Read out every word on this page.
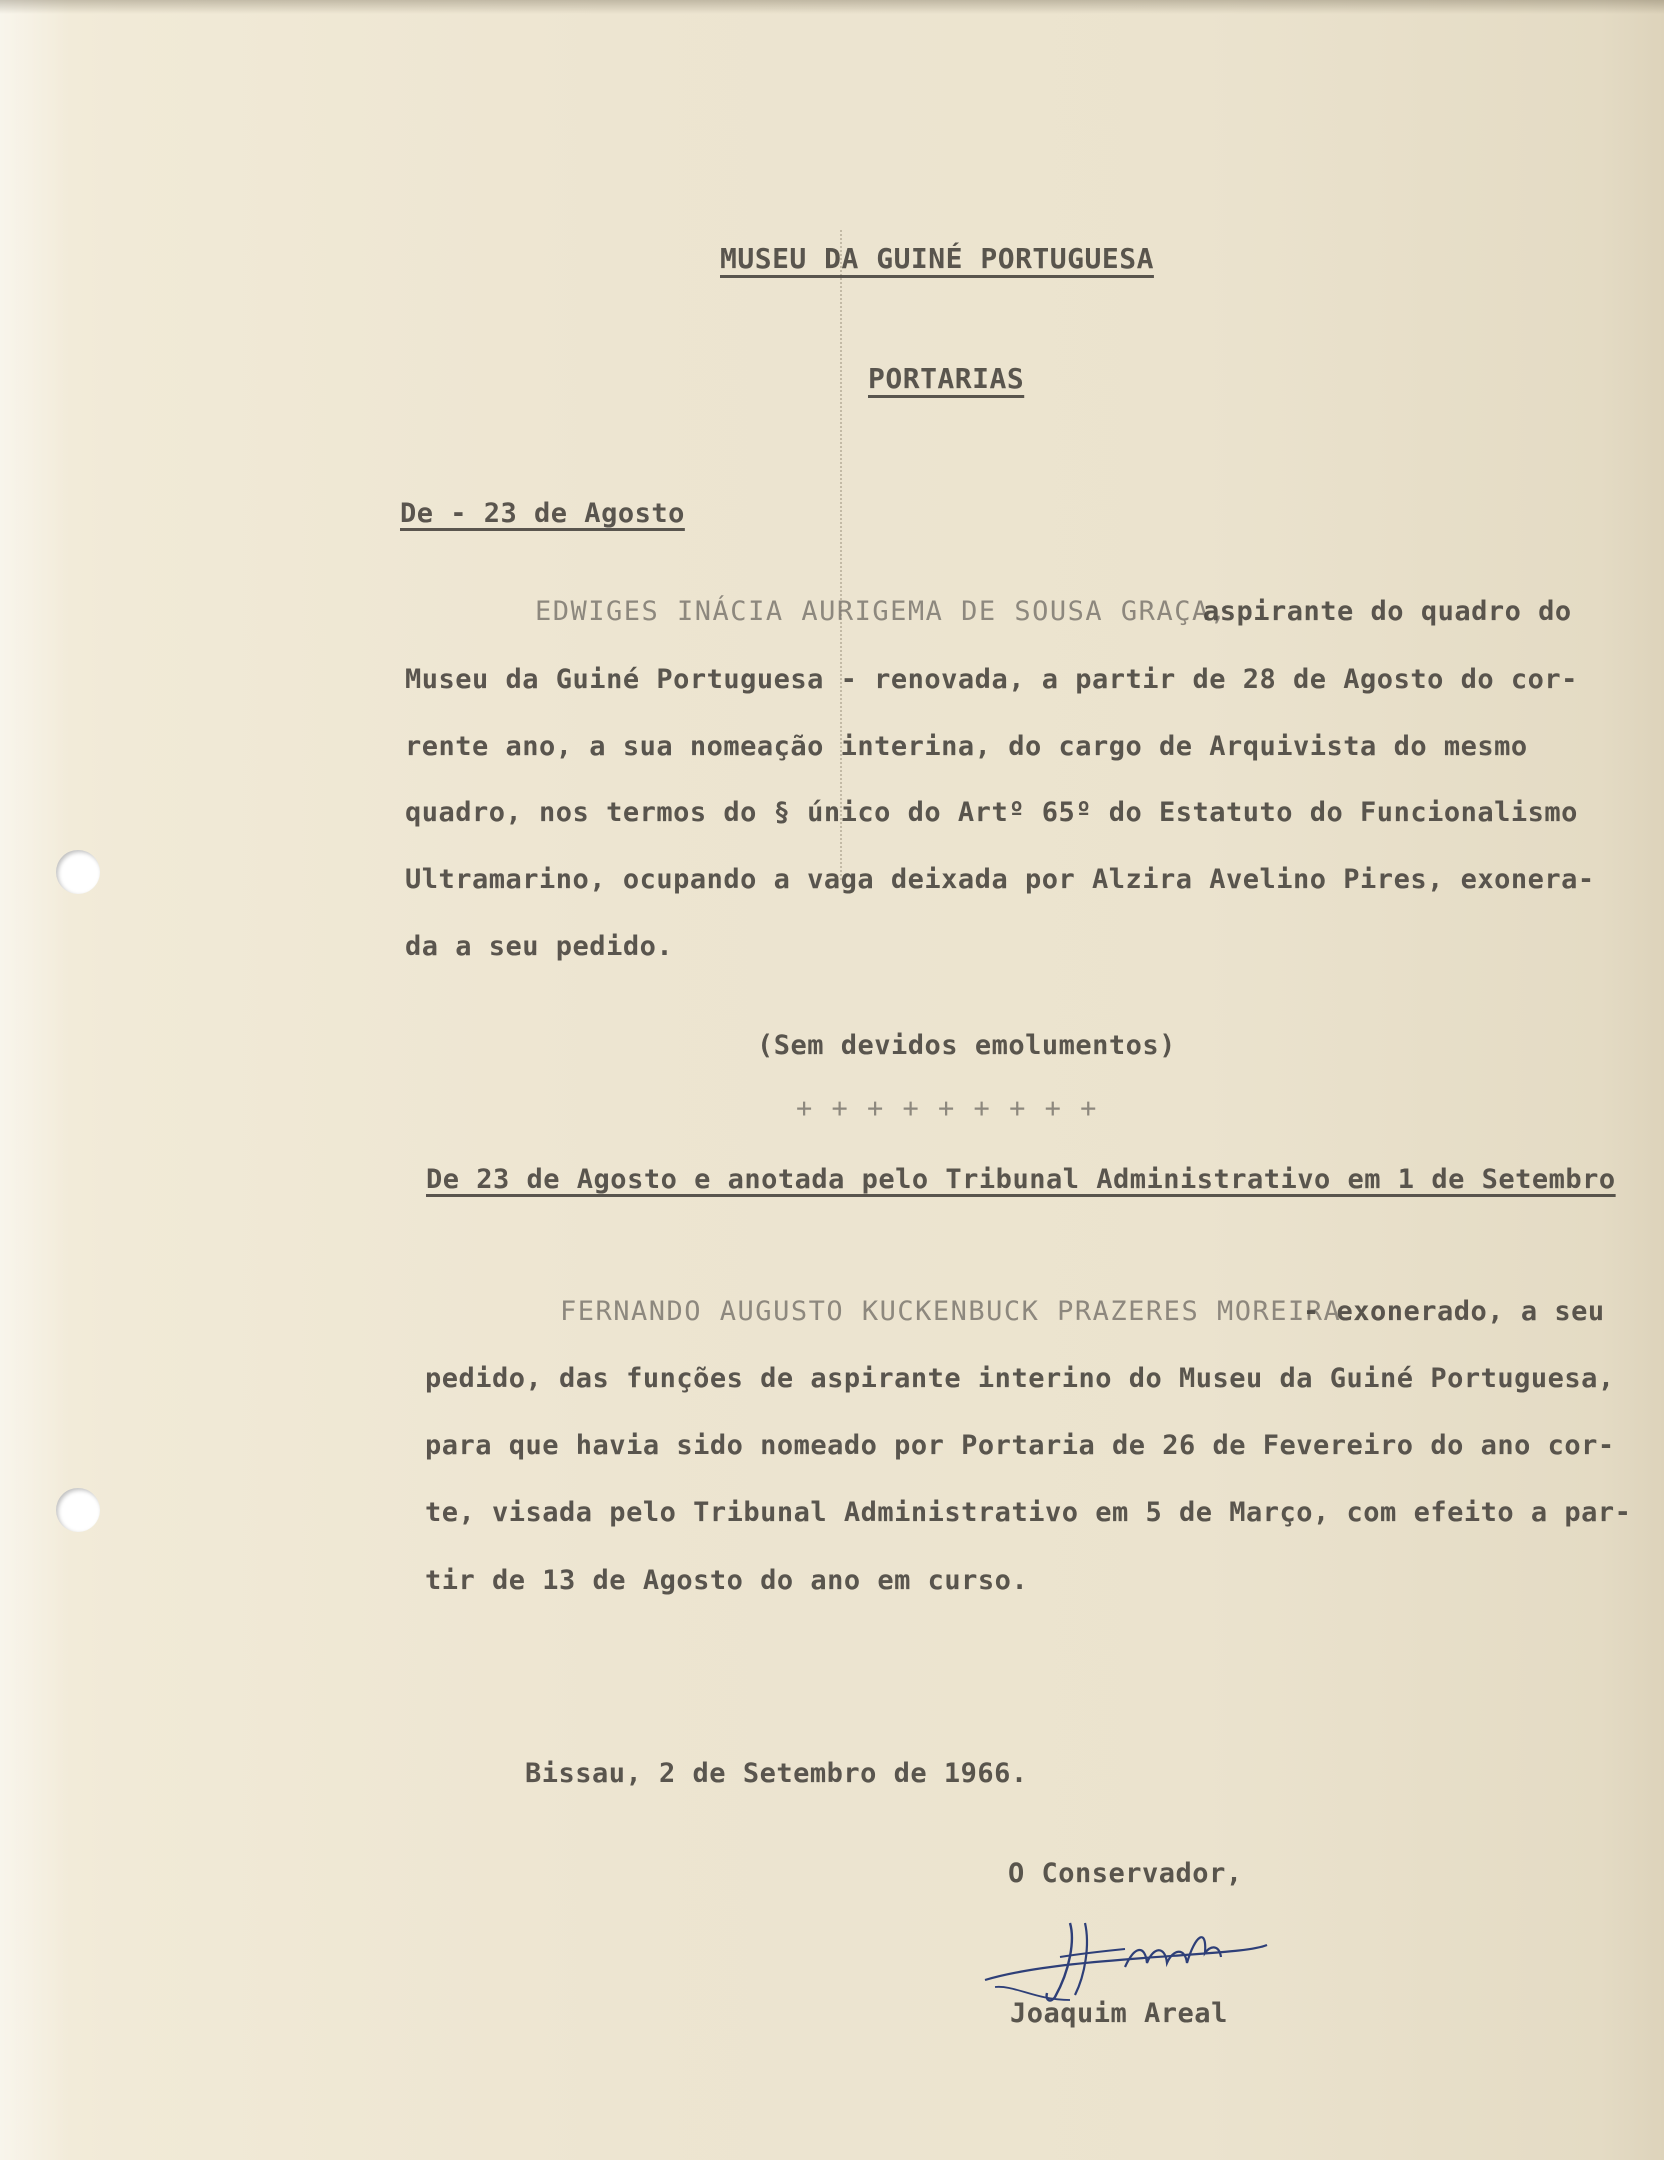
MUSEU DA GUINÉ PORTUGUESA
PORTARIAS
De - 23 de Agosto
EDWIGES INÁCIA AURIGEMA DE SOUSA GRAÇA,
aspirante do quadro do
Museu da Guiné Portuguesa - renovada, a partir de 28 de Agosto do cor-
rente ano, a sua nomeação interina, do cargo de Arquivista do mesmo
quadro, nos termos do § único do Artº 65º do Estatuto do Funcionalismo
Ultramarino, ocupando a vaga deixada por Alzira Avelino Pires, exonera-
da a seu pedido.
(Sem devidos emolumentos)
+ + + + + + + + +
De 23 de Agosto e anotada pelo Tribunal Administrativo em 1 de Setembro
FERNANDO AUGUSTO KUCKENBUCK PRAZERES MOREIRA
- exonerado, a seu
pedido, das funções de aspirante interino do Museu da Guiné Portuguesa,
para que havia sido nomeado por Portaria de 26 de Fevereiro do ano cor-
te, visada pelo Tribunal Administrativo em 5 de Março, com efeito a par-
tir de 13 de Agosto do ano em curso.
Bissau, 2 de Setembro de 1966.
O Conservador,
Joaquim Areal
